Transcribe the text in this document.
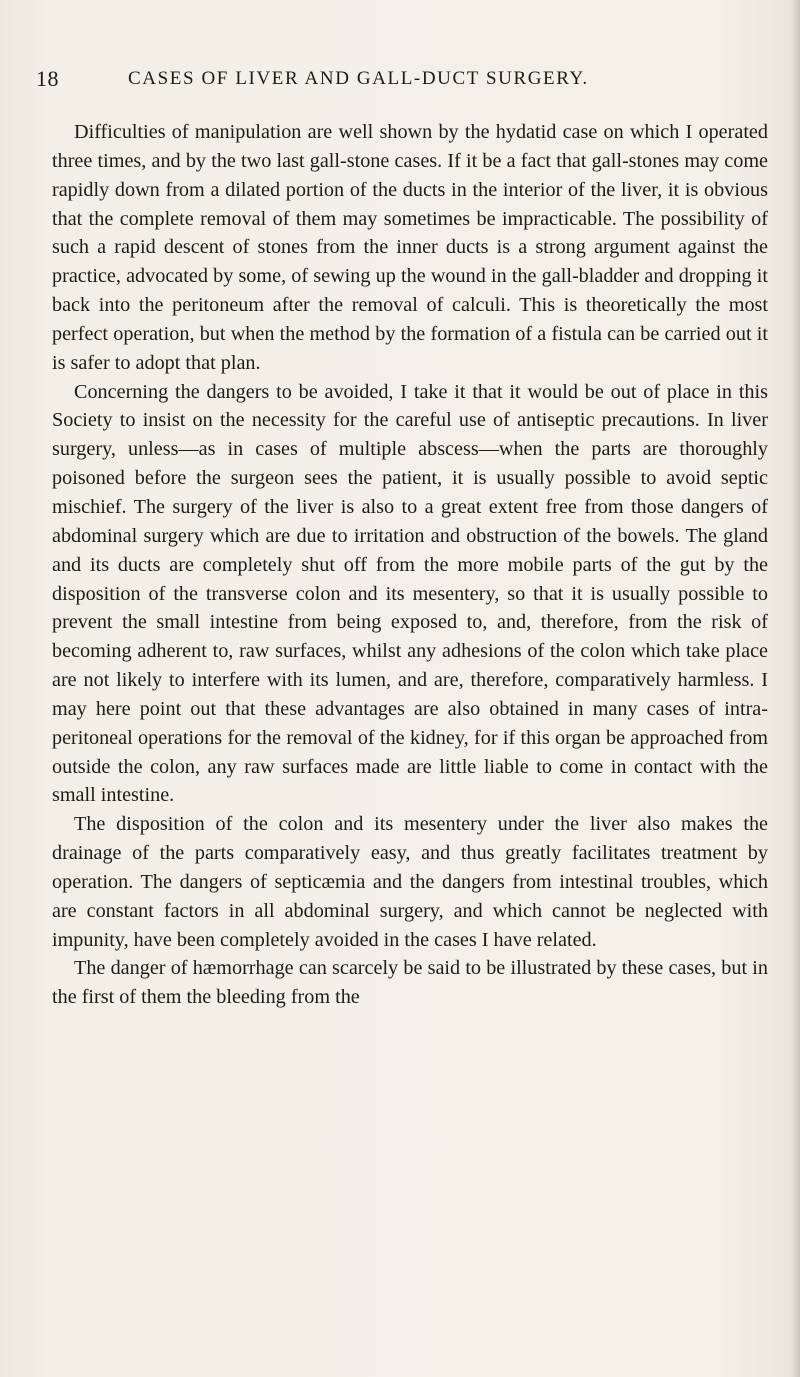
18	CASES OF LIVER AND GALL-DUCT SURGERY.

Difficulties of manipulation are well shown by the hydatid case on which I operated three times, and by the two last gall-stone cases. If it be a fact that gall-stones may come rapidly down from a dilated portion of the ducts in the interior of the liver, it is obvious that the complete removal of them may sometimes be impracticable. The possibility of such a rapid descent of stones from the inner ducts is a strong argument against the practice, advocated by some, of sewing up the wound in the gall-bladder and dropping it back into the peritoneum after the removal of calculi. This is theoretically the most perfect operation, but when the method by the formation of a fistula can be carried out it is safer to adopt that plan.

Concerning the dangers to be avoided, I take it that it would be out of place in this Society to insist on the necessity for the careful use of antiseptic precautions. In liver surgery, unless—as in cases of multiple abscess—when the parts are thoroughly poisoned before the surgeon sees the patient, it is usually possible to avoid septic mischief. The surgery of the liver is also to a great extent free from those dangers of abdominal surgery which are due to irritation and obstruction of the bowels. The gland and its ducts are completely shut off from the more mobile parts of the gut by the disposition of the transverse colon and its mesentery, so that it is usually possible to prevent the small intestine from being exposed to, and, therefore, from the risk of becoming adherent to, raw surfaces, whilst any adhesions of the colon which take place are not likely to interfere with its lumen, and are, therefore, comparatively harmless. I may here point out that these advantages are also obtained in many cases of intra-peritoneal operations for the removal of the kidney, for if this organ be approached from outside the colon, any raw surfaces made are little liable to come in contact with the small intestine.

The disposition of the colon and its mesentery under the liver also makes the drainage of the parts comparatively easy, and thus greatly facilitates treatment by operation. The dangers of septicæmia and the dangers from intestinal troubles, which are constant factors in all abdominal surgery, and which cannot be neglected with impunity, have been completely avoided in the cases I have related.

The danger of hæmorrhage can scarcely be said to be illustrated by these cases, but in the first of them the bleeding from the
